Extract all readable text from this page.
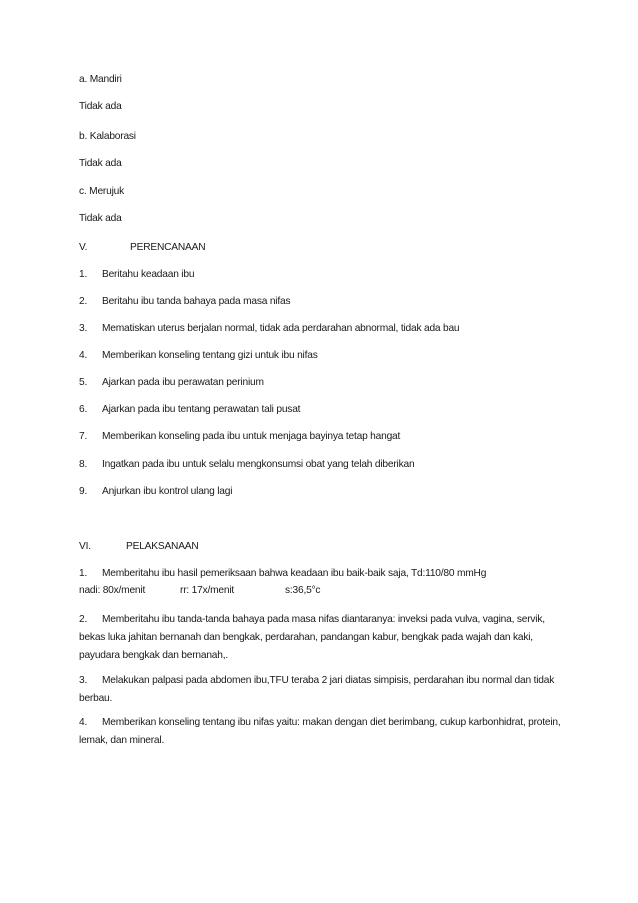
a. Mandiri
Tidak ada
b. Kalaborasi
Tidak ada
c. Merujuk
Tidak ada
V.	PERENCANAAN
1. Beritahu keadaan ibu
2. Beritahu ibu tanda bahaya pada masa nifas
3. Mematiskan uterus berjalan normal, tidak ada perdarahan abnormal, tidak ada bau
4. Memberikan konseling tentang gizi untuk ibu nifas
5. Ajarkan pada ibu perawatan perinium
6. Ajarkan pada ibu tentang perawatan tali pusat
7. Memberikan konseling pada ibu untuk menjaga bayinya tetap hangat
8. Ingatkan pada ibu untuk selalu mengkonsumsi obat yang telah diberikan
9. Anjurkan ibu kontrol ulang lagi
VI.	PELAKSANAAN
1. Memberitahu ibu hasil pemeriksaan bahwa keadaan ibu baik-baik saja, Td:110/80 mmHg
nadi: 80x/menit	rr: 17x/menit	s:36,5°c
2. Memberitahu ibu tanda-tanda bahaya pada masa nifas diantaranya: inveksi pada vulva, vagina, servik, bekas luka jahitan bernanah dan bengkak, perdarahan, pandangan kabur, bengkak pada wajah dan kaki, payudara bengkak dan bernanah,.
3. Melakukan palpasi pada abdomen ibu,TFU teraba 2 jari diatas simpisis, perdarahan ibu normal dan tidak berbau.
4. Memberikan konseling tentang ibu nifas yaitu: makan dengan diet berimbang, cukup karbonhidrat, protein, lemak, dan mineral.
